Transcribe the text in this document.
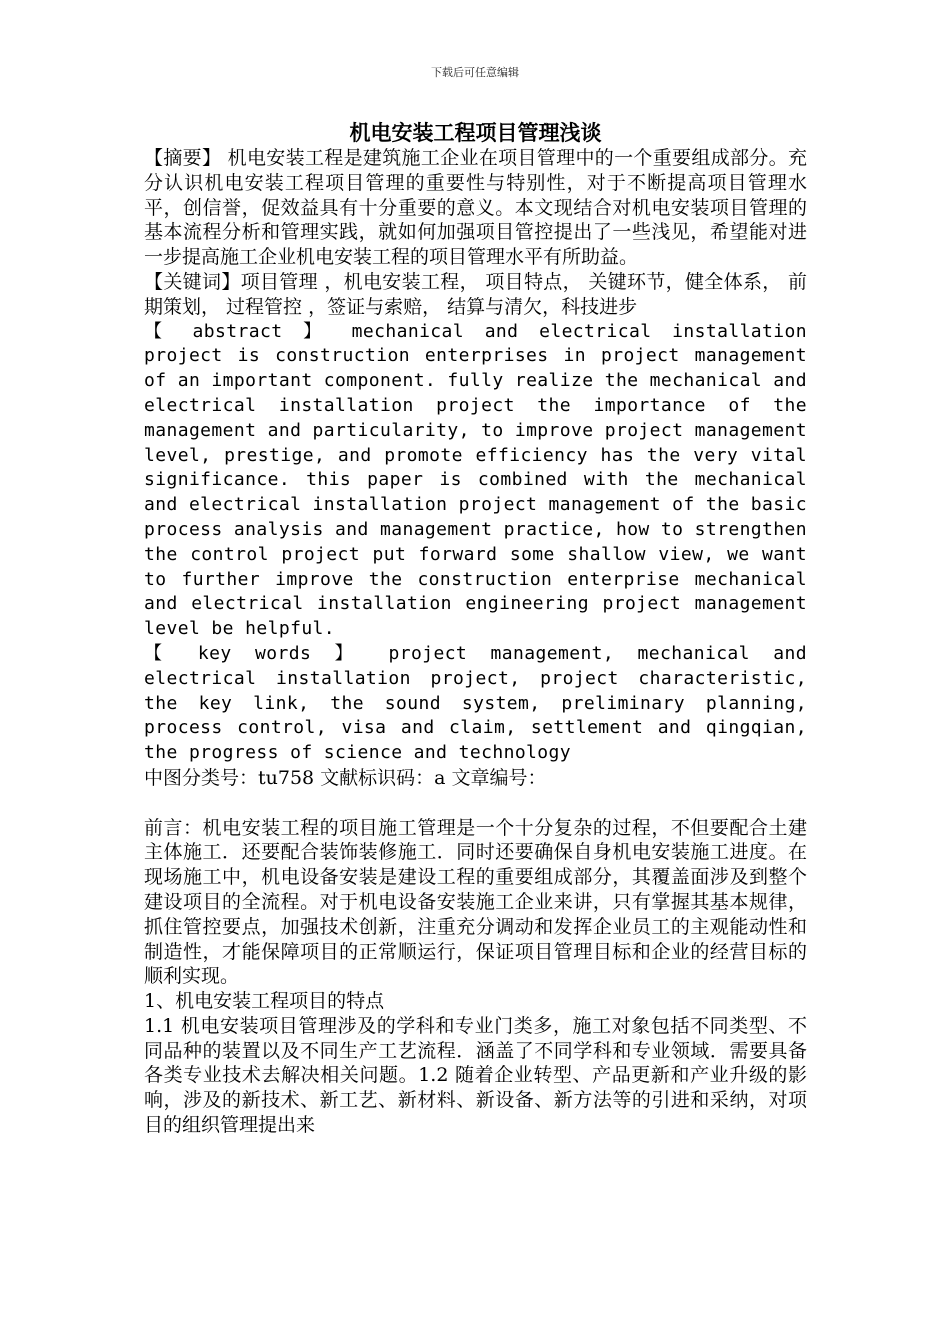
下载后可任意编辑

机电安装工程项目管理浅谈

【摘要】 机电安装工程是建筑施工企业在项目管理中的一个重要组成部分。充分认识机电安装工程项目管理的重要性与特别性，对于不断提高项目管理水平，创信誉，促效益具有十分重要的意义。本文现结合对机电安装项目管理的基本流程分析和管理实践，就如何加强项目管控提出了一些浅见，希望能对进一步提高施工企业机电安装工程的项目管理水平有所助益。

【关键词】项目管理 ，机电安装工程， 项目特点， 关键环节，健全体系， 前期策划， 过程管控 ，签证与索赔， 结算与清欠，科技进步

【 abstract 】 mechanical and electrical installation project is construction enterprises in project management of an important component. fully realize the mechanical and electrical installation project the importance of the management and particularity, to improve project management level, prestige, and promote efficiency has the very vital significance. this paper is combined with the mechanical and electrical installation project management of the basic process analysis and management practice, how to strengthen the control project put forward some shallow view, we want to further improve the construction enterprise mechanical and electrical installation engineering project management level be helpful.

【 key words 】 project management, mechanical and electrical installation project, project characteristic, the key link, the sound system, preliminary planning, process control, visa and claim, settlement and qingqian, the progress of science and technology

中图分类号：tu758 文献标识码：a 文章编号：

前言：机电安装工程的项目施工管理是一个十分复杂的过程，不但要配合土建主体施工．还要配合装饰装修施工．同时还要确保自身机电安装施工进度。在现场施工中，机电设备安装是建设工程的重要组成部分，其覆盖面涉及到整个建设项目的全流程。对于机电设备安装施工企业来讲，只有掌握其基本规律，抓住管控要点，加强技术创新，注重充分调动和发挥企业员工的主观能动性和制造性，才能保障项目的正常顺运行，保证项目管理目标和企业的经营目标的顺利实现。

1、机电安装工程项目的特点

1.1 机电安装项目管理涉及的学科和专业门类多，施工对象包括不同类型、不同品种的装置以及不同生产工艺流程．涵盖了不同学科和专业领域．需要具备各类专业技术去解决相关问题。1.2 随着企业转型、产品更新和产业升级的影响，涉及的新技术、新工艺、新材料、新设备、新方法等的引进和采纳，对项目的组织管理提出来
